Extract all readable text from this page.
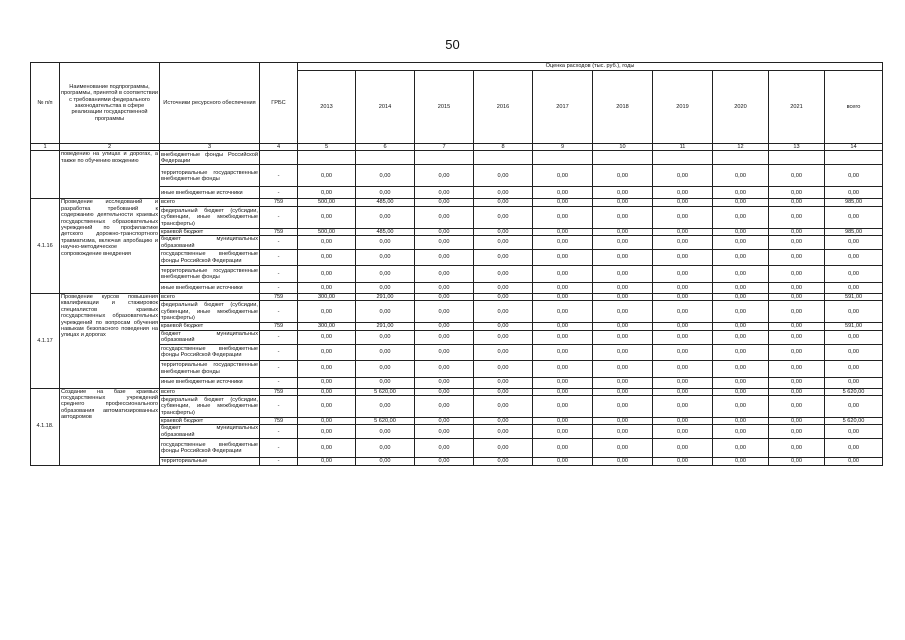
50
№ п/п	Наименование подпрограммы, программы, принятой в соответствии с требованиями федерального законодательства в сфере реализации государственной программы	Источники ресурсного обеспечения	ГРБС	Оценка расходов (тыс. руб.), годы									
				2013	2014	2015	2016	2017	2018	2019	2020	2021	всего
1	2	3	4	5	6	7	8	9	10	11	12	13	14
	поведению на улицах и дорогах, а также по обучению вождению	внебюджетные фонды Российской Федерации											
		территориальные государственные внебюджетные фонды	-	0,00	0,00	0,00	0,00	0,00	0,00	0,00	0,00	0,00	0,00
		иные внебюджетные источники	-	0,00	0,00	0,00	0,00	0,00	0,00	0,00	0,00	0,00	0,00
4.1.16	Проведение исследований и разработка требований к содержанию деятельности краевых государственных образовательных учреждений по профилактике детского дорожно-транспортного травматизма, включая апробацию и научно-методическое сопровождение внедрения	всего	759	500,00	485,00	0,00	0,00	0,00	0,00	0,00	0,00	0,00	985,00
		федеральный бюджет (субсидии, субвенции, иные межбюджетные трансферты)	-	0,00	0,00	0,00	0,00	0,00	0,00	0,00	0,00	0,00	0,00
		краевой бюджет	759	500,00	485,00	0,00	0,00	0,00	0,00	0,00	0,00	0,00	985,00
		бюджет муниципальных образований	-	0,00	0,00	0,00	0,00	0,00	0,00	0,00	0,00	0,00	0,00
		государственные внебюджетные фонды Российской Федерации	-	0,00	0,00	0,00	0,00	0,00	0,00	0,00	0,00	0,00	0,00
		территориальные государственные внебюджетные фонды	-	0,00	0,00	0,00	0,00	0,00	0,00	0,00	0,00	0,00	0,00
		иные внебюджетные источники	-	0,00	0,00	0,00	0,00	0,00	0,00	0,00	0,00	0,00	0,00
4.1.17	Проведение курсов повышения квалификации и стажировок специалистов краевых государственных образовательных учреждений по вопросам обучения навыкам безопасного поведения на улицах и дорогах	всего	759	300,00	291,00	0,00	0,00	0,00	0,00	0,00	0,00	0,00	591,00
		федеральный бюджет (субсидии, субвенции, иные межбюджетные трансферты)	-	0,00	0,00	0,00	0,00	0,00	0,00	0,00	0,00	0,00	0,00
		краевой бюджет	759	300,00	291,00	0,00	0,00	0,00	0,00	0,00	0,00	0,00	591,00
		бюджет муниципальных образований	-	0,00	0,00	0,00	0,00	0,00	0,00	0,00	0,00	0,00	0,00
		государственные внебюджетные фонды Российской Федерации	-	0,00	0,00	0,00	0,00	0,00	0,00	0,00	0,00	0,00	0,00
		территориальные государственные внебюджетные фонды	-	0,00	0,00	0,00	0,00	0,00	0,00	0,00	0,00	0,00	0,00
		иные внебюджетные источники	-	0,00	0,00	0,00	0,00	0,00	0,00	0,00	0,00	0,00	0,00
4.1.18.	Создание на базе краевых государственных учреждений среднего профессионального образования автоматизированных автодромов	всего	759	0,00	5 620,00	0,00	0,00	0,00	0,00	0,00	0,00	0,00	5 620,00
		федеральный бюджет (субсидии, субвенции, иные межбюджетные трансферты)	-	0,00	0,00	0,00	0,00	0,00	0,00	0,00	0,00	0,00	0,00
		краевой бюджет	759	0,00	5 620,00	0,00	0,00	0,00	0,00	0,00	0,00	0,00	5 620,00
		бюджет муниципальных образований	-	0,00	0,00	0,00	0,00	0,00	0,00	0,00	0,00	0,00	0,00
		государственные внебюджетные фонды Российской Федерации	-	0,00	0,00	0,00	0,00	0,00	0,00	0,00	0,00	0,00	0,00
		территориальные	-	0,00	0,00	0,00	0,00	0,00	0,00	0,00	0,00	0,00	0,00
